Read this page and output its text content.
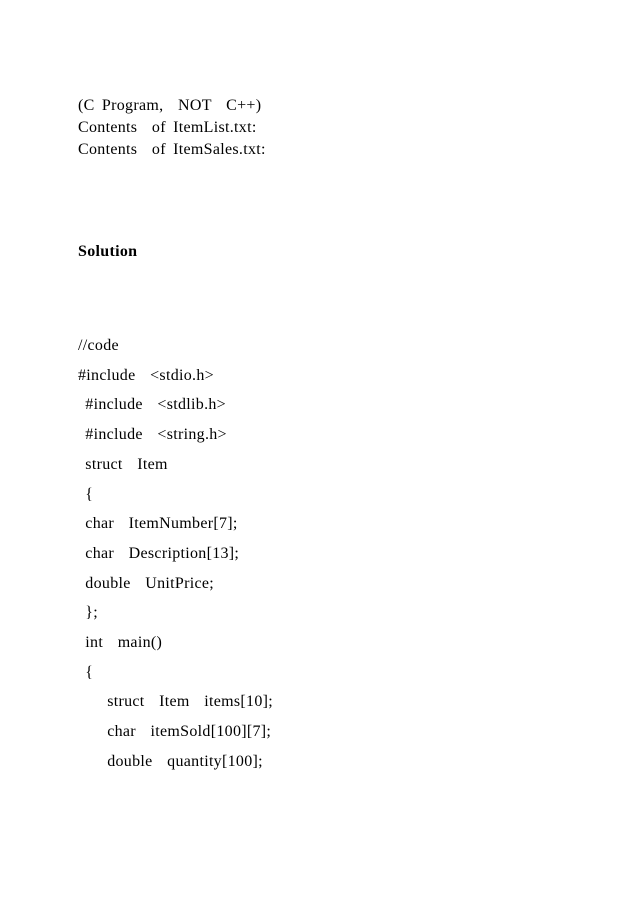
(C Program,  NOT  C++)
Contents  of ItemList.txt:
Contents  of ItemSales.txt:
Solution
//code
#include  <stdio.h>
#include  <stdlib.h>
#include  <string.h>
struct  Item
{
char  ItemNumber[7];
char  Description[13];
double  UnitPrice;
};
int  main()
{
struct  Item  items[10];
char  itemSold[100][7];
double  quantity[100];
